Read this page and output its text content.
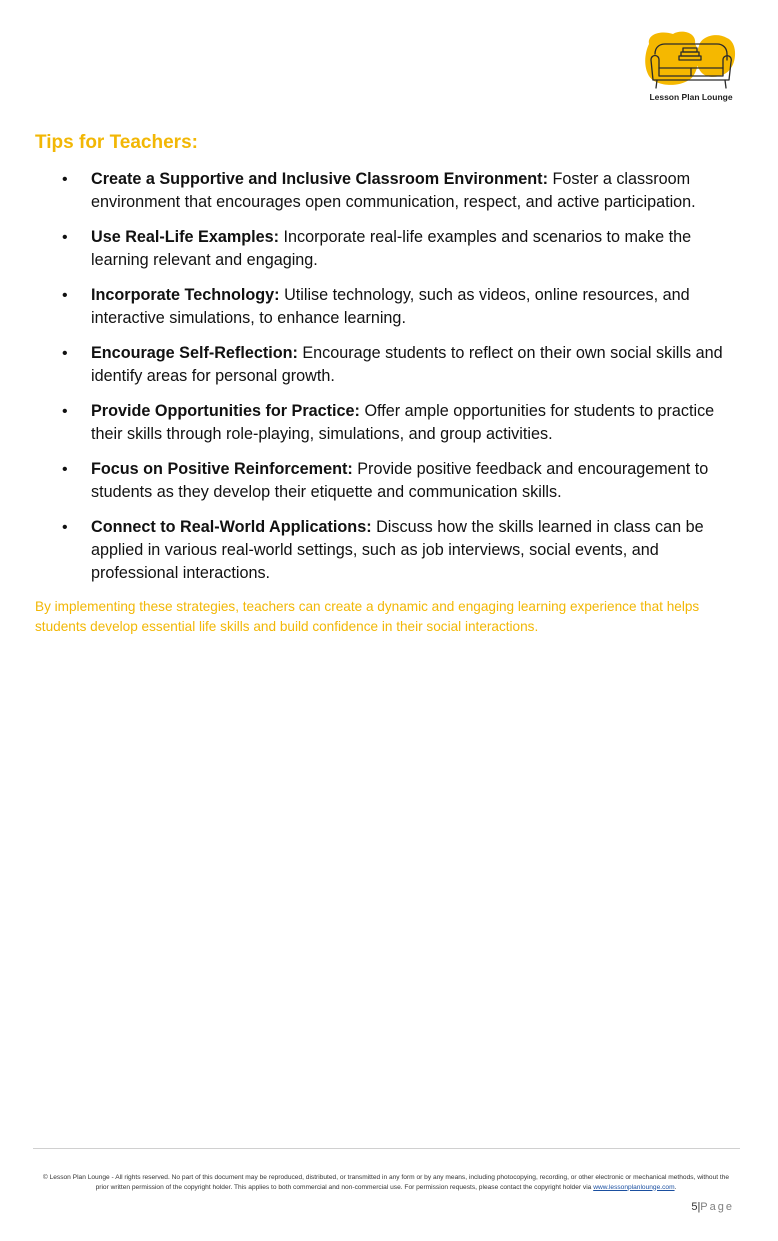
Lesson Plan Lounge
Tips for Teachers:
• Create a Supportive and Inclusive Classroom Environment: Foster a classroom environment that encourages open communication, respect, and active participation.
• Use Real-Life Examples: Incorporate real-life examples and scenarios to make the learning relevant and engaging.
• Incorporate Technology: Utilise technology, such as videos, online resources, and interactive simulations, to enhance learning.
• Encourage Self-Reflection: Encourage students to reflect on their own social skills and identify areas for personal growth.
• Provide Opportunities for Practice: Offer ample opportunities for students to practice their skills through role-playing, simulations, and group activities.
• Focus on Positive Reinforcement: Provide positive feedback and encouragement to students as they develop their etiquette and communication skills.
• Connect to Real-World Applications: Discuss how the skills learned in class can be applied in various real-world settings, such as job interviews, social events, and professional interactions.

By implementing these strategies, teachers can create a dynamic and engaging learning experience that helps students develop essential life skills and build confidence in their social interactions.

© Lesson Plan Lounge - All rights reserved. No part of this document may be reproduced, distributed, or transmitted in any form or by any means, including photocopying, recording, or other electronic or mechanical methods, without the prior written permission of the copyright holder. This applies to both commercial and non-commercial use. For permission requests, please contact the copyright holder via www.lessonplanlounge.com.

5|Page
